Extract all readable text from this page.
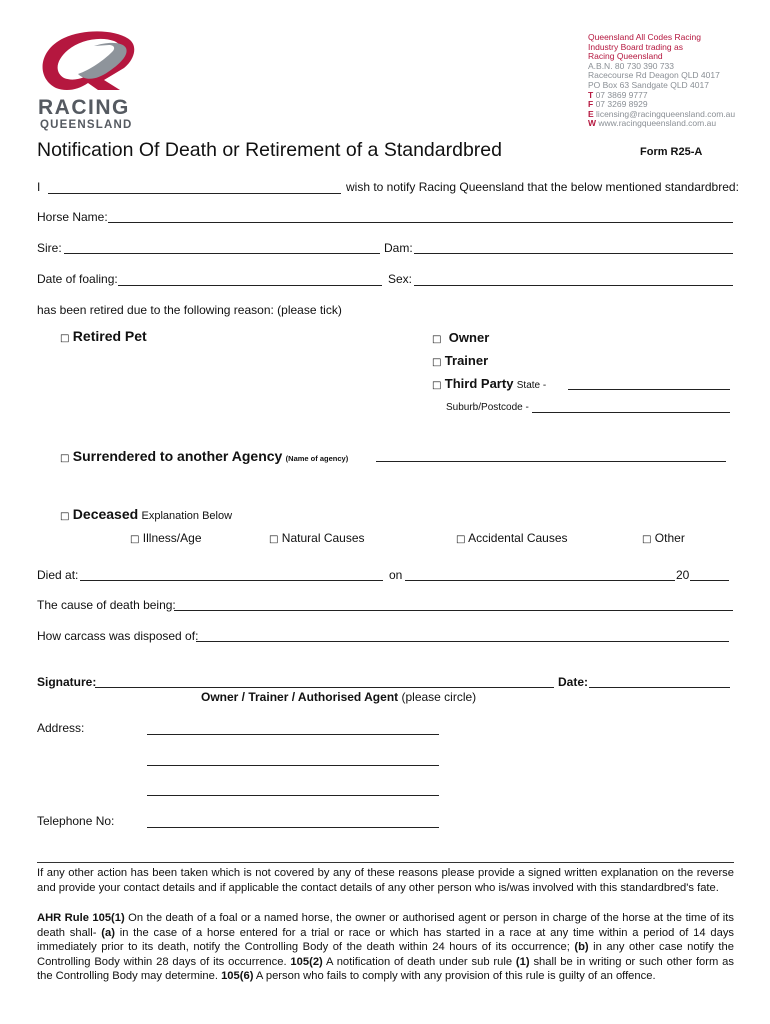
RACING
QUEENSLAND
Queensland All Codes Racing
Industry Board trading as
Racing Queensland
A.B.N. 80 730 390 733
Racecourse Rd Deagon QLD 4017
PO Box 63 Sandgate QLD 4017
T 07 3869 9777
F 07 3269 8929
E licensing@racingqueensland.com.au
W www.racingqueensland.com.au
Notification Of Death or Retirement of a Standardbred	Form R25-A
I	wish to notify Racing Queensland that the below mentioned standardbred:
Horse Name:
Sire:	Dam:
Date of foaling:	Sex:
has been retired due to the following reason: (please tick)
□ Retired Pet	□ Owner
□ Trainer
□ Third Party State -
Suburb/Postcode -
□ Surrendered to another Agency (Name of agency)
□ Deceased Explanation Below
□ Illness/Age	□ Natural Causes	□ Accidental Causes	□ Other
Died at:	on	20
The cause of death being:
How carcass was disposed of:
Signature:	Date:
Owner / Trainer / Authorised Agent (please circle)
Address:
Telephone No:
If any other action has been taken which is not covered by any of these reasons please provide a signed written explanation on the reverse and provide your contact details and if applicable the contact details of any other person who is/was involved with this standardbred's fate.
AHR Rule 105(1) On the death of a foal or a named horse, the owner or authorised agent or person in charge of the horse at the time of its death shall- (a) in the case of a horse entered for a trial or race or which has started in a race at any time within a period of 14 days immediately prior to its death, notify the Controlling Body of the death within 24 hours of its occurrence; (b) in any other case notify the Controlling Body within 28 days of its occurrence. 105(2) A notification of death under sub rule (1) shall be in writing or such other form as the Controlling Body may determine. 105(6) A person who fails to comply with any provision of this rule is guilty of an offence.
